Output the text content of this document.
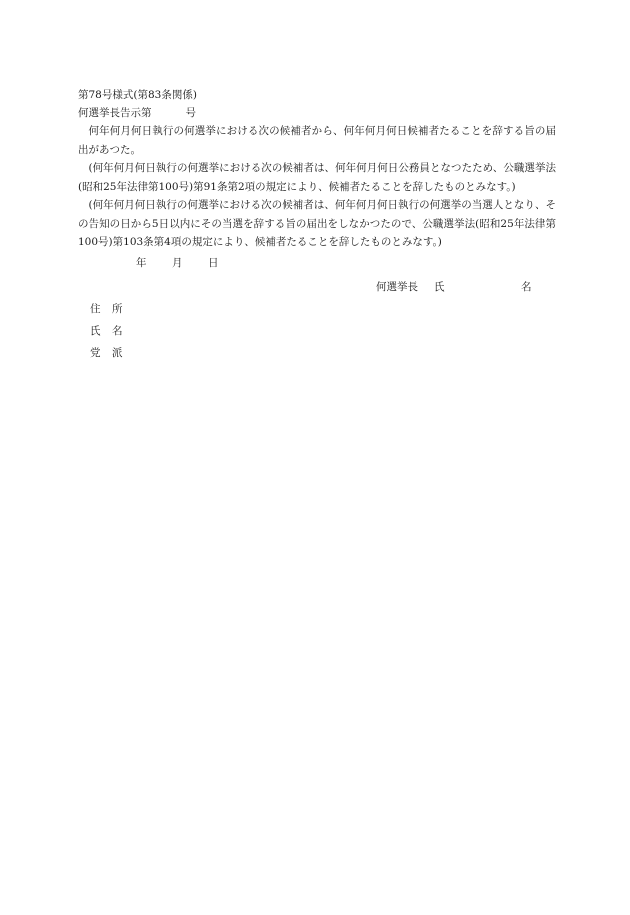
第78号様式(第83条関係)
何選挙長告示第	号
何年何月何日執行の何選挙における次の候補者から、何年何月何日候補者たることを辞する旨の届出があつた。
(何年何月何日執行の何選挙における次の候補者は、何年何月何日公務員となつたため、公職選挙法(昭和25年法律第100号)第91条第2項の規定により、候補者たることを辞したものとみなす。)
(何年何月何日執行の何選挙における次の候補者は、何年何月何日執行の何選挙の当選人となり、その告知の日から5日以内にその当選を辞する旨の届出をしなかつたので、公職選挙法(昭和25年法律第100号)第103条第4項の規定により、候補者たることを辞したものとみなす。)
年 月 日
何選挙長 氏	名
住 所
氏 名
党 派
